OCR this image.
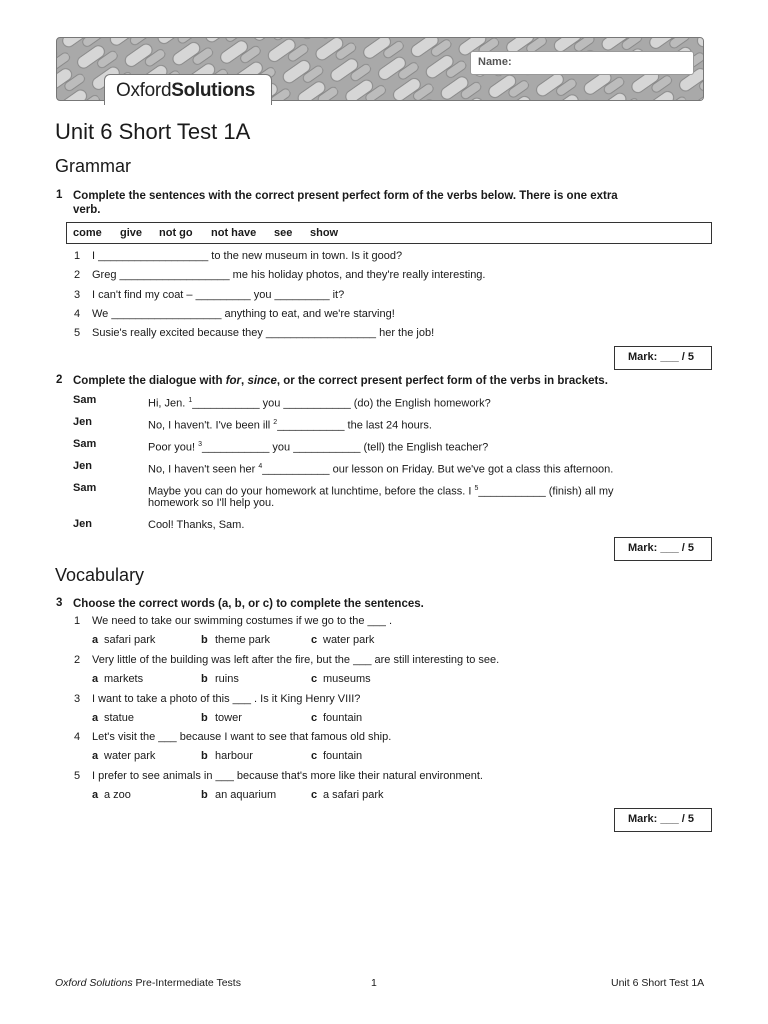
Name:
OxfordSolutions
Unit 6 Short Test 1A
Grammar
1 Complete the sentences with the correct present perfect form of the verbs below. There is one extra
verb.
come give not go not have see show
1 I __________________ to the new museum in town. Is it good?
2 Greg __________________ me his holiday photos, and they're really interesting.
3 I can't find my coat – _________ you _________ it?
4 We __________________ anything to eat, and we're starving!
5 Susie's really excited because they __________________ her the job!
Mark: ___ / 5
2 Complete the dialogue with for, since, or the correct present perfect form of the verbs in brackets.
Sam	Hi, Jen. $^1$___________ you ___________ (do) the English homework?
Jen	No, I haven't. I've been ill $^2$___________ the last 24 hours.
Sam	Poor you! $^3$___________ you ___________ (tell) the English teacher?
Jen	No, I haven't seen her $^4$___________ our lesson on Friday. But we've got a class this afternoon.
Sam	Maybe you can do your homework at lunchtime, before the class. I $^5$___________ (finish) all my
homework so I'll help you.
Jen	Cool! Thanks, Sam.
Mark: ___ / 5
Vocabulary
3 Choose the correct words (a, b, or c) to complete the sentences.
1 We need to take our swimming costumes if we go to the ___ .
a safari park	b theme park	c water park
2 Very little of the building was left after the fire, but the ___ are still interesting to see.
a markets	b ruins	c museums
3 I want to take a photo of this ___ . Is it King Henry VIII?
a statue	b tower	c fountain
4 Let's visit the ___ because I want to see that famous old ship.
a water park	b harbour	c fountain
5 I prefer to see animals in ___ because that's more like their natural environment.
a a zoo	b an aquarium	c a safari park
Mark: ___ / 5
Oxford Solutions Pre-Intermediate Tests	1	Unit 6 Short Test 1A
